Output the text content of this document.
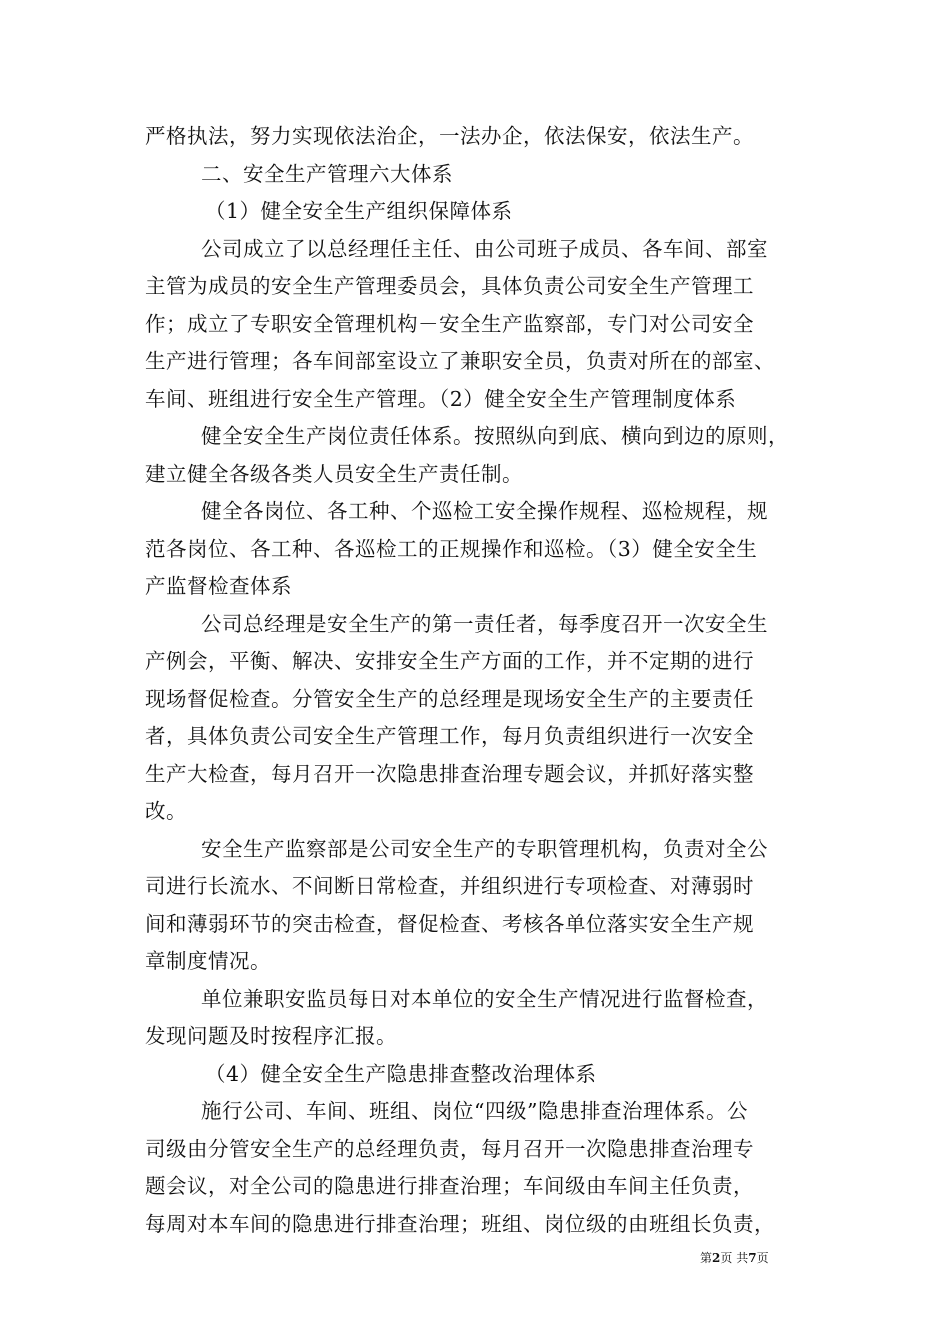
严格执法，努力实现依法治企，一法办企，依法保安，依法生产。
二、安全生产管理六大体系
（1）健全安全生产组织保障体系
公司成立了以总经理任主任、由公司班子成员、各车间、部室
主管为成员的安全生产管理委员会，具体负责公司安全生产管理工
作；成立了专职安全管理机构－安全生产监察部，专门对公司安全
生产进行管理；各车间部室设立了兼职安全员，负责对所在的部室、
车间、班组进行安全生产管理。（2）健全安全生产管理制度体系
健全安全生产岗位责任体系。按照纵向到底、横向到边的原则，
建立健全各级各类人员安全生产责任制。
健全各岗位、各工种、个巡检工安全操作规程、巡检规程，规
范各岗位、各工种、各巡检工的正规操作和巡检。（3）健全安全生
产监督检查体系
公司总经理是安全生产的第一责任者，每季度召开一次安全生
产例会，平衡、解决、安排安全生产方面的工作，并不定期的进行
现场督促检查。分管安全生产的总经理是现场安全生产的主要责任
者，具体负责公司安全生产管理工作，每月负责组织进行一次安全
生产大检查，每月召开一次隐患排查治理专题会议，并抓好落实整
改。
安全生产监察部是公司安全生产的专职管理机构，负责对全公
司进行长流水、不间断日常检查，并组织进行专项检查、对薄弱时
间和薄弱环节的突击检查，督促检查、考核各单位落实安全生产规
章制度情况。
单位兼职安监员每日对本单位的安全生产情况进行监督检查，
发现问题及时按程序汇报。
（4）健全安全生产隐患排查整改治理体系
施行公司、车间、班组、岗位“四级”隐患排查治理体系。公
司级由分管安全生产的总经理负责，每月召开一次隐患排查治理专
题会议，对全公司的隐患进行排查治理；车间级由车间主任负责，
每周对本车间的隐患进行排查治理；班组、岗位级的由班组长负责，
第2页 共7页
